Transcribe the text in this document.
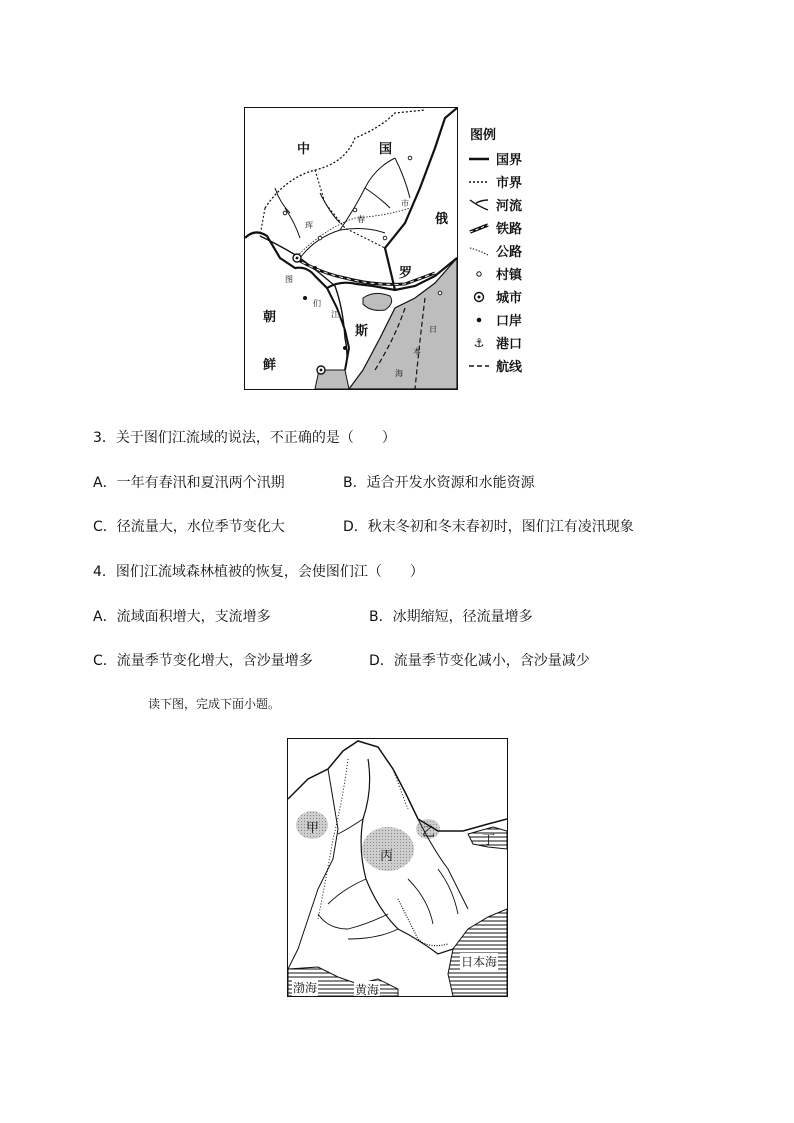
中	国
俄
罗
斯
朝
鲜
图
们
江
珲
春
市
日
本
海
图例
国界
市界
河流
铁路
公路
村镇
城市
口岸
⚓ 港口
航线
3．关于图们江流域的说法，不正确的是（　　）
A．一年有春汛和夏汛两个汛期	B．适合开发水资源和水能资源
C．径流量大，水位季节变化大	D．秋末冬初和冬末春初时，图们江有凌汛现象
4．图们江流域森林植被的恢复，会使图们江（　　）
A．流域面积增大，支流增多	B．冰期缩短，径流量增多
C．流量季节变化增大，含沙量增多	D．流量季节变化减小，含沙量减少
读下图，完成下面小题。
甲	乙
丙
丁
日本海
渤海	黄海
